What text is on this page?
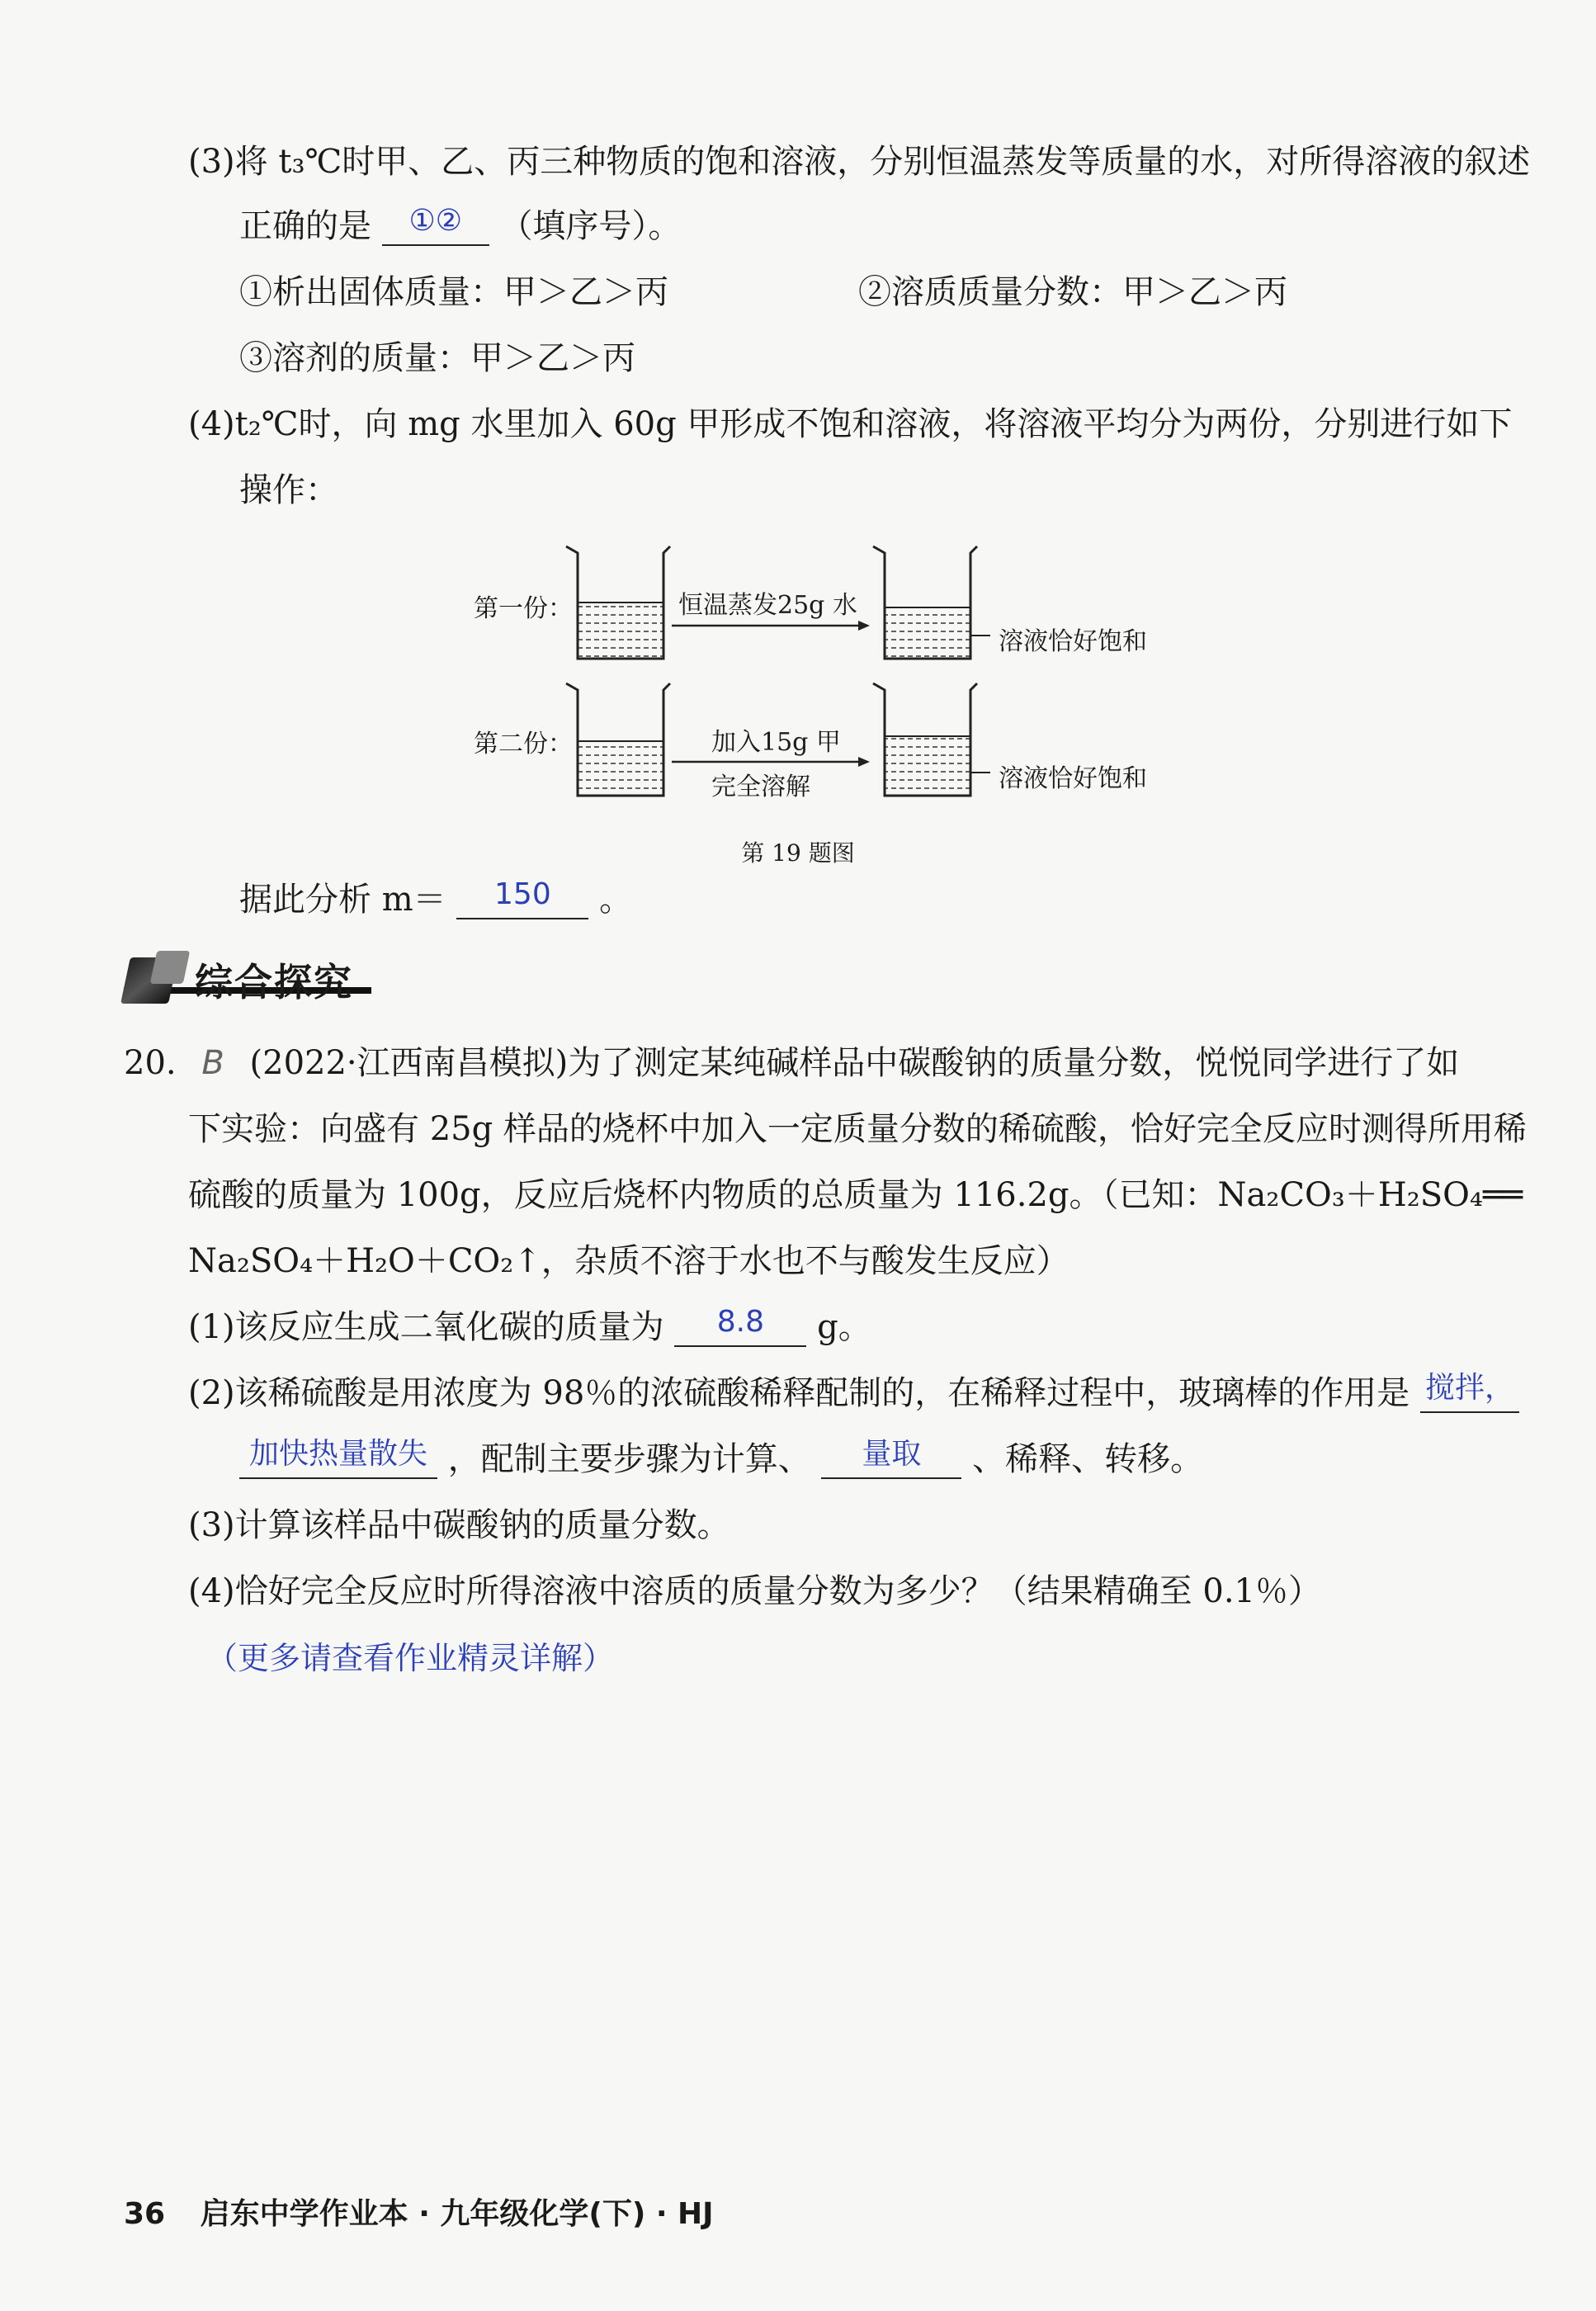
(3)将 t₃℃时甲、乙、丙三种物质的饱和溶液，分别恒温蒸发等质量的水，对所得溶液的叙述
正确的是 ①② （填序号）。
①析出固体质量：甲＞乙＞丙	②溶质质量分数：甲＞乙＞丙
③溶剂的质量：甲＞乙＞丙
(4)t₂℃时，向 mg 水里加入 60g 甲形成不饱和溶液，将溶液平均分为两份，分别进行如下
操作：
第一份：	恒温蒸发25g 水
溶液恰好饱和
第二份：	加入15g 甲
完全溶解	溶液恰好饱和
第 19 题图
据此分析 m＝ 150 。
综合探究
20. B (2022·江西南昌模拟)为了测定某纯碱样品中碳酸钠的质量分数，悦悦同学进行了如
下实验：向盛有 25g 样品的烧杯中加入一定质量分数的稀硫酸，恰好完全反应时测得所用稀
硫酸的质量为 100g，反应后烧杯内物质的总质量为 116.2g。（已知：Na₂CO₃＋H₂SO₄══
Na₂SO₄＋H₂O＋CO₂↑，杂质不溶于水也不与酸发生反应）
(1)该反应生成二氧化碳的质量为 8.8 g。
(2)该稀硫酸是用浓度为 98％的浓硫酸稀释配制的，在稀释过程中，玻璃棒的作用是 搅拌，
加快热量散失 ，配制主要步骤为计算、 量取 、稀释、转移。
(3)计算该样品中碳酸钠的质量分数。
(4)恰好完全反应时所得溶液中溶质的质量分数为多少？（结果精确至 0.1％）
（更多请查看作业精灵详解）
36 启东中学作业本 · 九年级化学(下) · HJ
